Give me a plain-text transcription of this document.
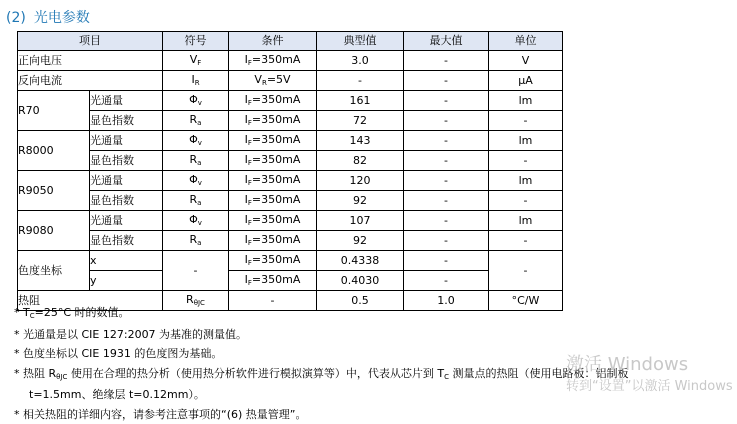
(2) 光电参数
项目		符号	条件	典型值	最大值	单位
正向电压		VF	IF=350mA	3.0	-	V
反向电流		IR	VR=5V	-	-	μA
R70	光通量	Φv	IF=350mA	161	-	lm
	显色指数	Ra	IF=350mA	72	-	-
R8000	光通量	Φv	IF=350mA	143	-	lm
	显色指数	Ra	IF=350mA	82	-	-
R9050	光通量	Φv	IF=350mA	120	-	lm
	显色指数	Ra	IF=350mA	92	-	-
R9080	光通量	Φv	IF=350mA	107	-	lm
	显色指数	Ra	IF=350mA	92	-	-
色度坐标	x	-	IF=350mA	0.4338	-	-
	y		IF=350mA	0.4030	-	
热阻		RθJC	-	0.5	1.0	°C/W
* TC=25°C 时的数值。
* 光通量是以 CIE 127:2007 为基准的测量值。
* 色度坐标以 CIE 1931 的色度图为基础。
* 热阻 RθJC 使用在合理的热分析（使用热分析软件进行模拟演算等）中，代表从芯片到 TC 测量点的热阻（使用电路板：铝制板
t=1.5mm、绝缘层 t=0.12mm）。
* 相关热阻的详细内容，请参考注意事项的“(6) 热量管理”。
激活 Windows
转到“设置”以激活 Windows
